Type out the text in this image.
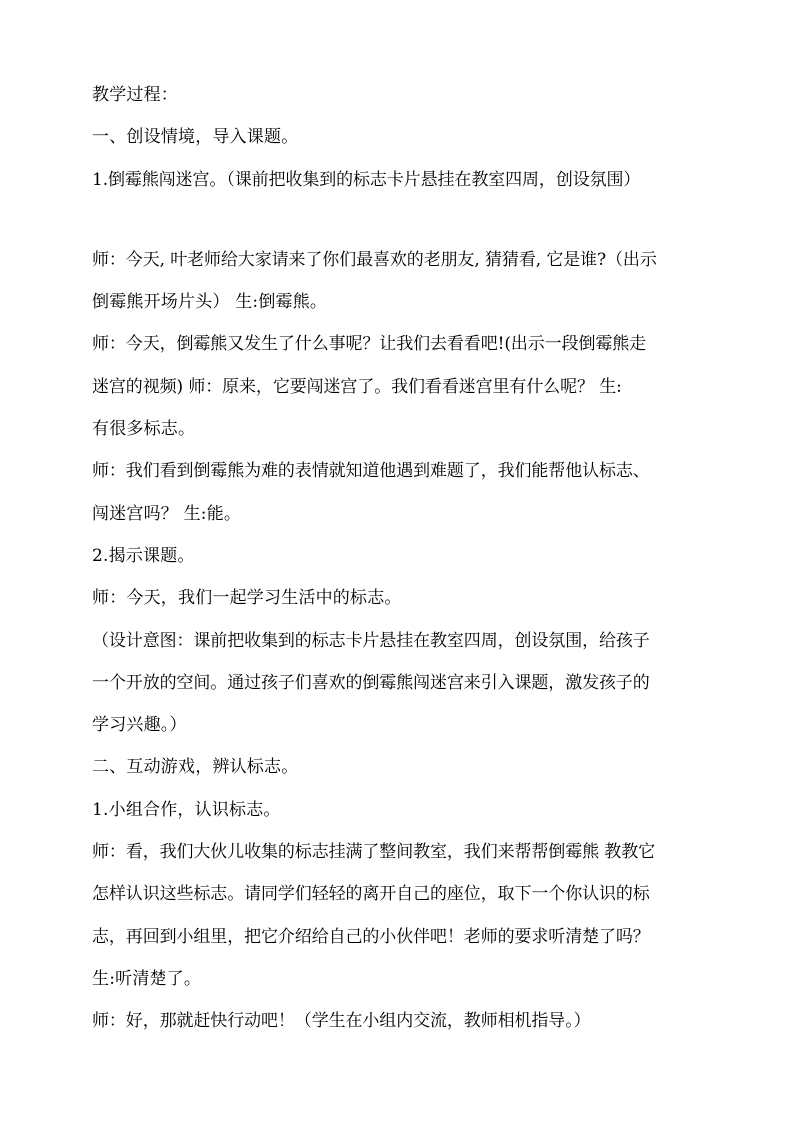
教学过程：
一、创设情境，导入课题。
1.倒霉熊闯迷宫。（课前把收集到的标志卡片悬挂在教室四周，创设氛围）
师：今天, 叶老师给大家请来了你们最喜欢的老朋友, 猜猜看, 它是谁?（出示
倒霉熊开场片头） 生:倒霉熊。
师：今天，倒霉熊又发生了什么事呢？让我们去看看吧!(出示一段倒霉熊走
迷宫的视频) 师：原来，它要闯迷宫了。我们看看迷宫里有什么呢？ 生:
有很多标志。
师：我们看到倒霉熊为难的表情就知道他遇到难题了，我们能帮他认标志、
闯迷宫吗？ 生:能。
2.揭示课题。
师：今天，我们一起学习生活中的标志。
（设计意图：课前把收集到的标志卡片悬挂在教室四周，创设氛围，给孩子
一个开放的空间。通过孩子们喜欢的倒霉熊闯迷宫来引入课题，激发孩子的
学习兴趣。）
二、互动游戏，辨认标志。
1.小组合作，认识标志。
师：看，我们大伙儿收集的标志挂满了整间教室，我们来帮帮倒霉熊 教教它
怎样认识这些标志。请同学们轻轻的离开自己的座位，取下一个你认识的标
志，再回到小组里，把它介绍给自己的小伙伴吧！老师的要求听清楚了吗？
生:听清楚了。
师：好，那就赶快行动吧！（学生在小组内交流，教师相机指导。）
